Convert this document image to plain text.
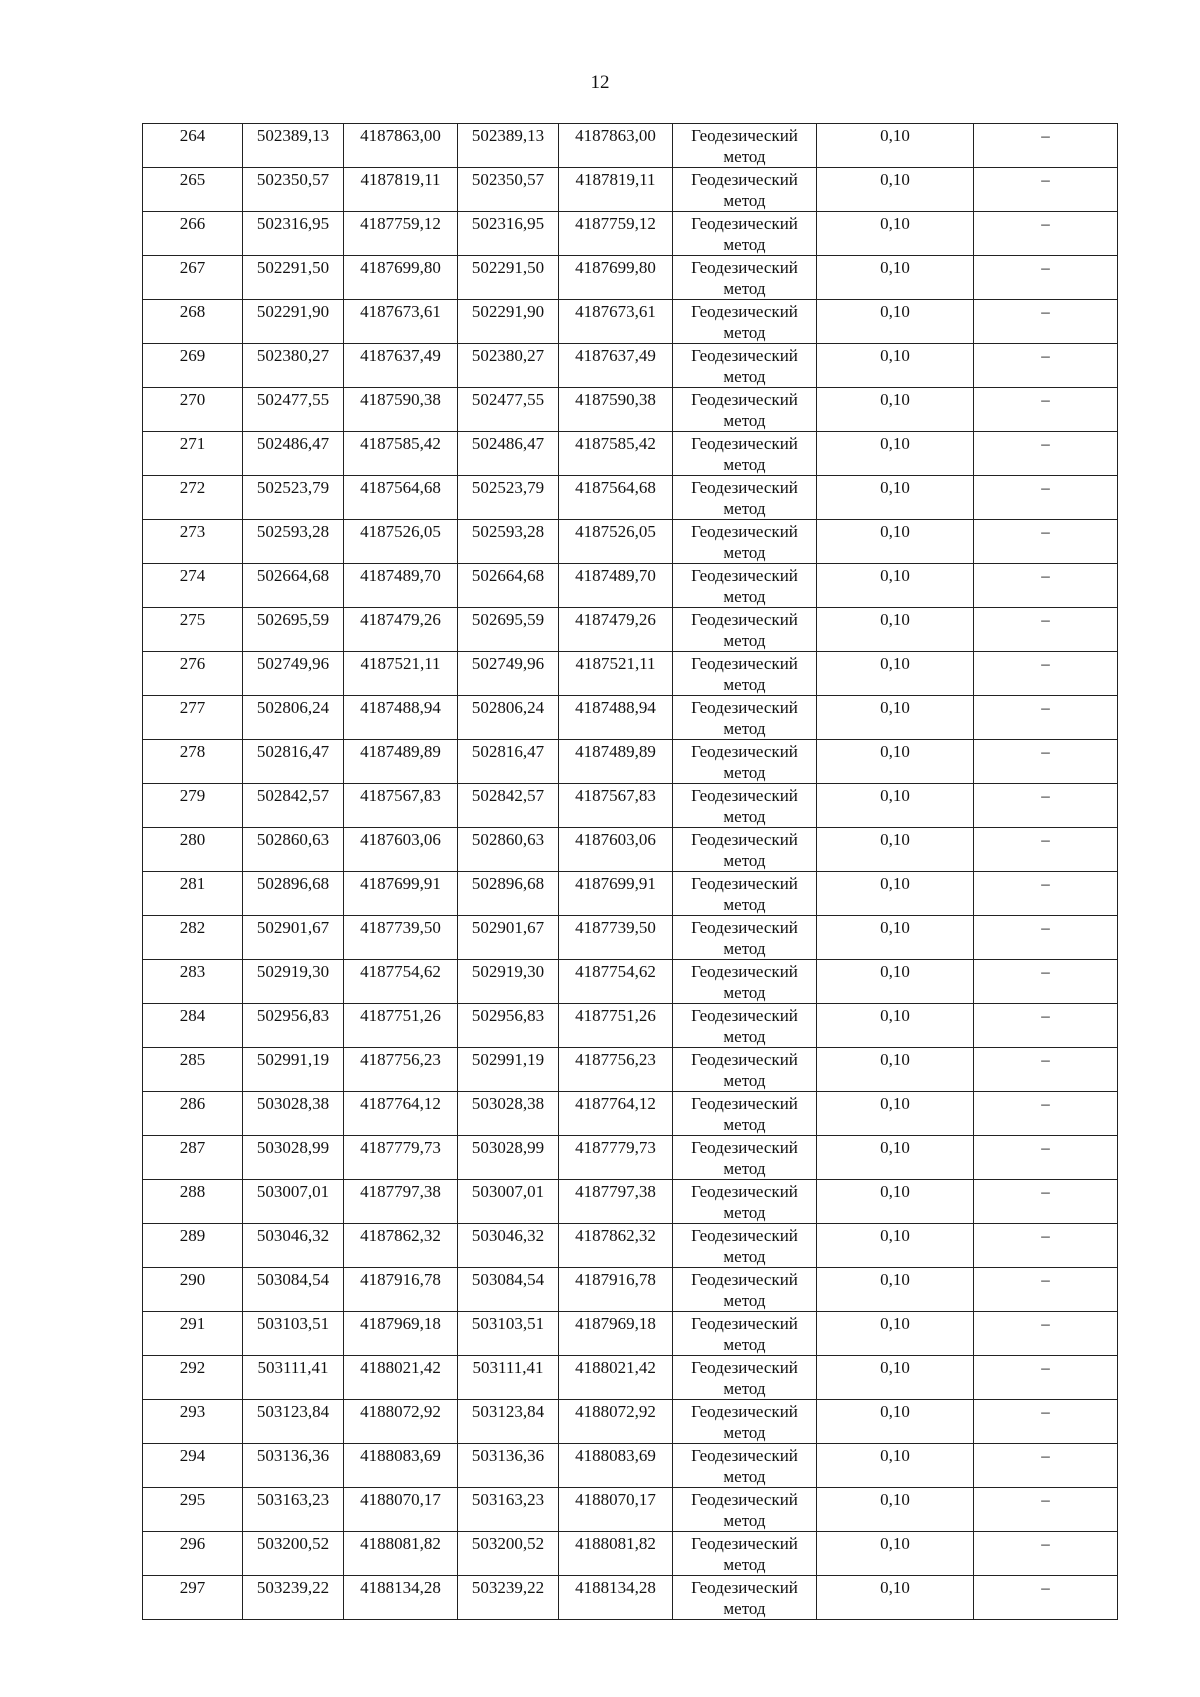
12
264	502389,13	4187863,00	502389,13	4187863,00	Геодезический метод	0,10	–
265	502350,57	4187819,11	502350,57	4187819,11	Геодезический метод	0,10	–
266	502316,95	4187759,12	502316,95	4187759,12	Геодезический метод	0,10	–
267	502291,50	4187699,80	502291,50	4187699,80	Геодезический метод	0,10	–
268	502291,90	4187673,61	502291,90	4187673,61	Геодезический метод	0,10	–
269	502380,27	4187637,49	502380,27	4187637,49	Геодезический метод	0,10	–
270	502477,55	4187590,38	502477,55	4187590,38	Геодезический метод	0,10	–
271	502486,47	4187585,42	502486,47	4187585,42	Геодезический метод	0,10	–
272	502523,79	4187564,68	502523,79	4187564,68	Геодезический метод	0,10	–
273	502593,28	4187526,05	502593,28	4187526,05	Геодезический метод	0,10	–
274	502664,68	4187489,70	502664,68	4187489,70	Геодезический метод	0,10	–
275	502695,59	4187479,26	502695,59	4187479,26	Геодезический метод	0,10	–
276	502749,96	4187521,11	502749,96	4187521,11	Геодезический метод	0,10	–
277	502806,24	4187488,94	502806,24	4187488,94	Геодезический метод	0,10	–
278	502816,47	4187489,89	502816,47	4187489,89	Геодезический метод	0,10	–
279	502842,57	4187567,83	502842,57	4187567,83	Геодезический метод	0,10	–
280	502860,63	4187603,06	502860,63	4187603,06	Геодезический метод	0,10	–
281	502896,68	4187699,91	502896,68	4187699,91	Геодезический метод	0,10	–
282	502901,67	4187739,50	502901,67	4187739,50	Геодезический метод	0,10	–
283	502919,30	4187754,62	502919,30	4187754,62	Геодезический метод	0,10	–
284	502956,83	4187751,26	502956,83	4187751,26	Геодезический метод	0,10	–
285	502991,19	4187756,23	502991,19	4187756,23	Геодезический метод	0,10	–
286	503028,38	4187764,12	503028,38	4187764,12	Геодезический метод	0,10	–
287	503028,99	4187779,73	503028,99	4187779,73	Геодезический метод	0,10	–
288	503007,01	4187797,38	503007,01	4187797,38	Геодезический метод	0,10	–
289	503046,32	4187862,32	503046,32	4187862,32	Геодезический метод	0,10	–
290	503084,54	4187916,78	503084,54	4187916,78	Геодезический метод	0,10	–
291	503103,51	4187969,18	503103,51	4187969,18	Геодезический метод	0,10	–
292	503111,41	4188021,42	503111,41	4188021,42	Геодезический метод	0,10	–
293	503123,84	4188072,92	503123,84	4188072,92	Геодезический метод	0,10	–
294	503136,36	4188083,69	503136,36	4188083,69	Геодезический метод	0,10	–
295	503163,23	4188070,17	503163,23	4188070,17	Геодезический метод	0,10	–
296	503200,52	4188081,82	503200,52	4188081,82	Геодезический метод	0,10	–
297	503239,22	4188134,28	503239,22	4188134,28	Геодезический метод	0,10	–
